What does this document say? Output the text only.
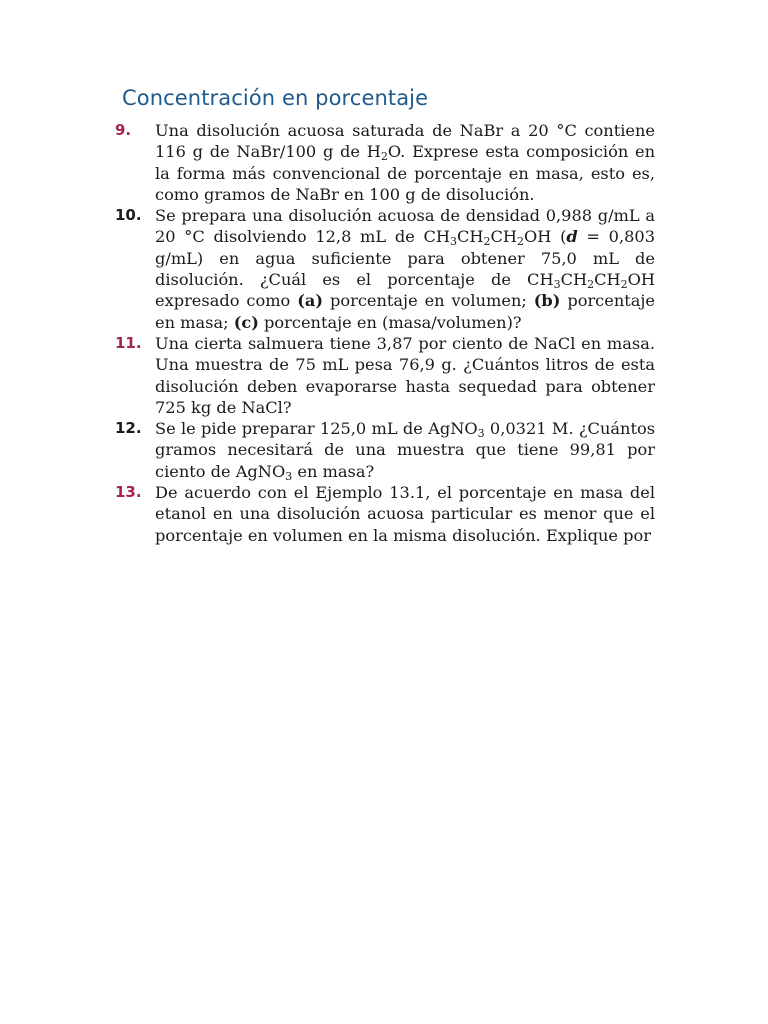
Concentración en porcentaje
9.	Una disolución acuosa saturada de NaBr a 20 °C contiene 116 g de NaBr/100 g de $H_2O$. Exprese esta composición en la forma más convencional de porcentaje en masa, esto es, como gramos de NaBr en 100 g de disolución.
10. Se prepara una disolución acuosa de densidad 0,988 g/mL a 20 °C disolviendo 12,8 mL de $CH_3CH_2CH_2OH$ (d = 0,803 g/mL) en agua suficiente para obtener 75,0 mL de disolución. ¿Cuál es el porcentaje de $CH_3CH_2CH_2OH$ expresado como (a) porcentaje en volumen; (b) porcentaje en masa; (c) porcentaje en (masa/volumen)?
11. Una cierta salmuera tiene 3,87 por ciento de NaCl en masa. Una muestra de 75 mL pesa 76,9 g. ¿Cuántos litros de esta disolución deben evaporarse hasta sequedad para obtener 725 kg de NaCl?
12. Se le pide preparar 125,0 mL de AgNO$_3$ 0,0321 M. ¿Cuántos gramos necesitará de una muestra que tiene 99,81 por ciento de AgNO$_3$ en masa?
13. De acuerdo con el Ejemplo 13.1, el porcentaje en masa del etanol en una disolución acuosa particular es menor que el porcentaje en volumen en la misma disolución. Explique por
